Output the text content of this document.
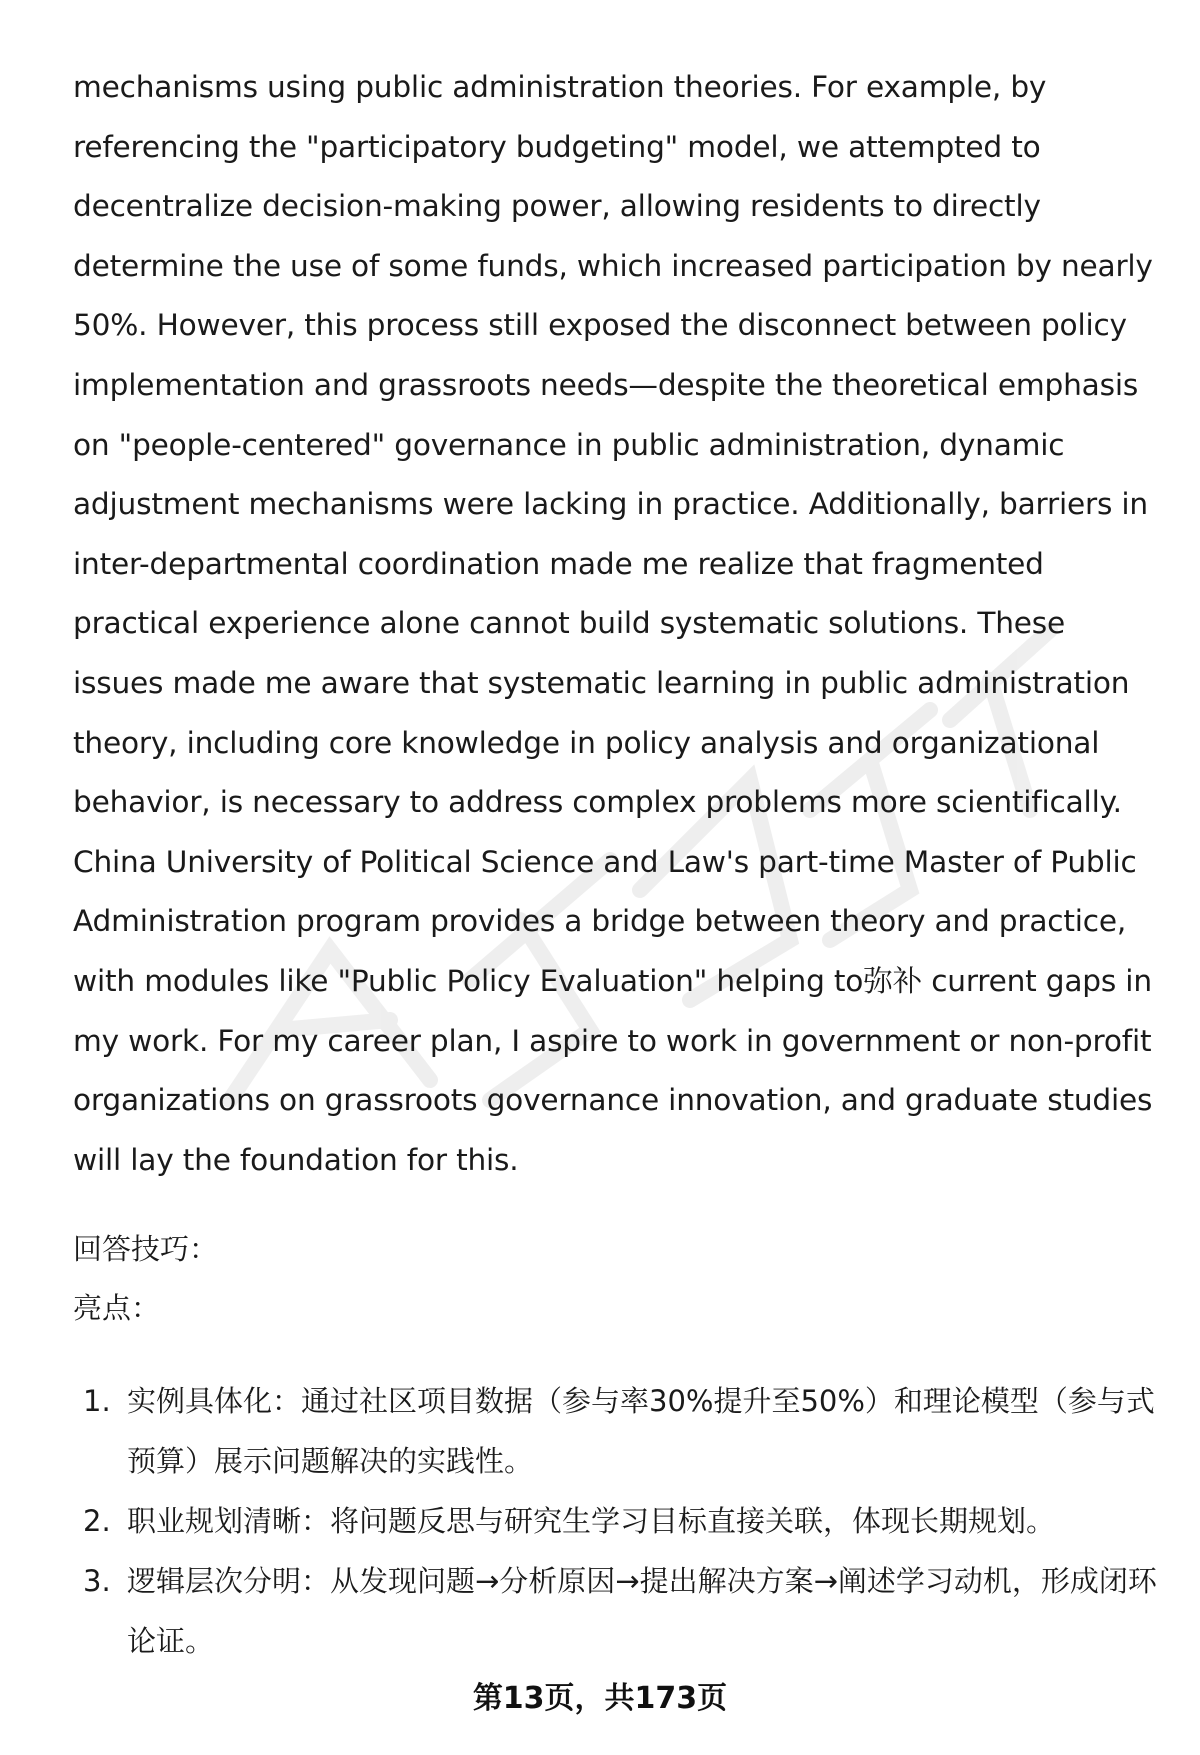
mechanisms using public administration theories. For example, by referencing the "participatory budgeting" model, we attempted to decentralize decision-making power, allowing residents to directly determine the use of some funds, which increased participation by nearly 50%. However, this process still exposed the disconnect between policy implementation and grassroots needs—despite the theoretical emphasis on "people-centered" governance in public administration, dynamic adjustment mechanisms were lacking in practice. Additionally, barriers in inter-departmental coordination made me realize that fragmented practical experience alone cannot build systematic solutions. These issues made me aware that systematic learning in public administration theory, including core knowledge in policy analysis and organizational behavior, is necessary to address complex problems more scientifically. China University of Political Science and Law's part-time Master of Public Administration program provides a bridge between theory and practice, with modules like "Public Policy Evaluation" helping to弥补 current gaps in my work. For my career plan, I aspire to work in government or non-profit organizations on grassroots governance innovation, and graduate studies will lay the foundation for this.

回答技巧：
亮点：
1. 实例具体化：通过社区项目数据（参与率30%提升至50%）和理论模型（参与式预算）展示问题解决的实践性。
2. 职业规划清晰：将问题反思与研究生学习目标直接关联，体现长期规划。
3. 逻辑层次分明：从发现问题→分析原因→提出解决方案→阐述学习动机，形成闭环论证。
第13页，共173页
